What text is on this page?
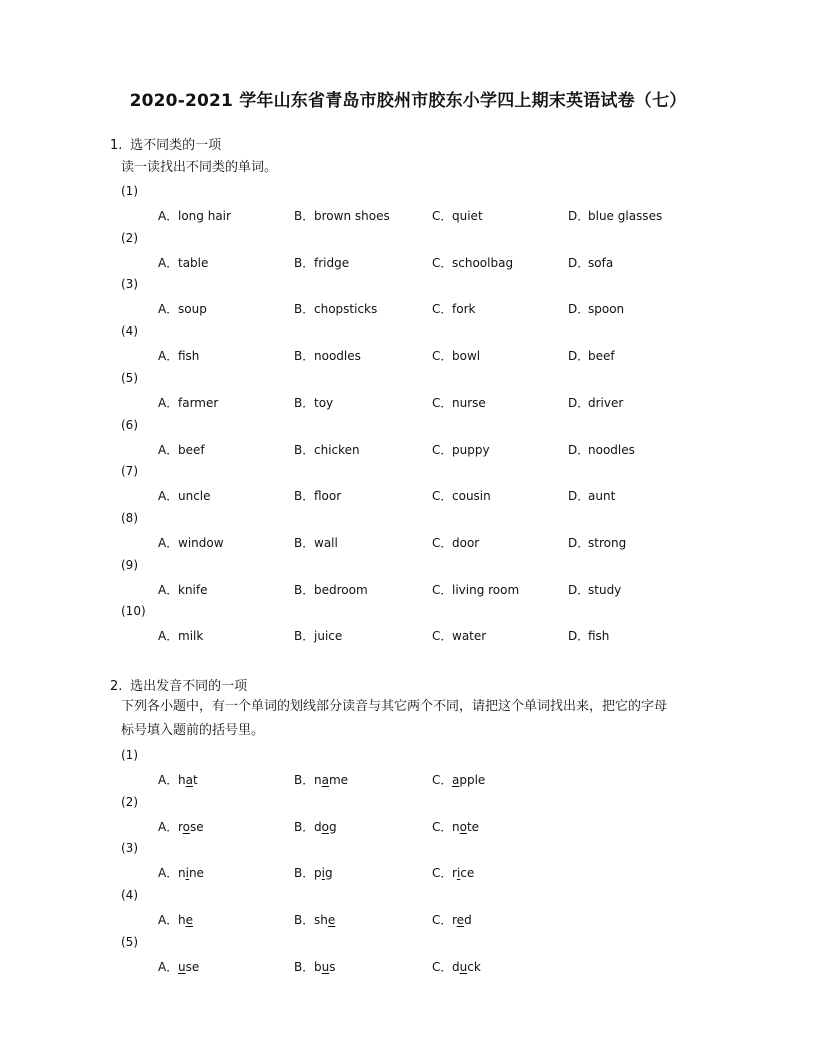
2020-2021 学年山东省青岛市胶州市胶东小学四上期末英语试卷（七）
1. 选不同类的一项
读一读找出不同类的单词。
(1)
A．long hair	B．brown shoes	C．quiet	D．blue glasses
(2)
A．table	B．fridge	C．schoolbag	D．sofa
(3)
A．soup	B．chopsticks	C．fork	D．spoon
(4)
A．fish	B．noodles	C．bowl	D．beef
(5)
A．farmer	B．toy	C．nurse	D．driver
(6)
A．beef	B．chicken	C．puppy	D．noodles
(7)
A．uncle	B．floor	C．cousin	D．aunt
(8)
A．window	B．wall	C．door	D．strong
(9)
A．knife	B．bedroom	C．living room	D．study
(10)
A．milk	B．juice	C．water	D．fish
2. 选出发音不同的一项
下列各小题中，有一个单词的划线部分读音与其它两个不同，请把这个单词找出来，把它的字母
标号填入题前的括号里。
(1)
A．hat	B．name	C．apple
(2)
A．rose	B．dog	C．note
(3)
A．nine	B．pig	C．rice
(4)
A．he	B．she	C．red
(5)
A．use	B．bus	C．duck
